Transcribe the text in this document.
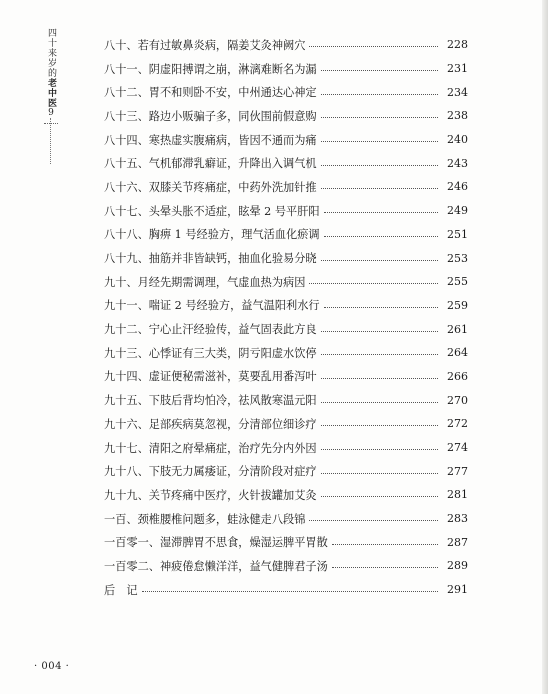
四十来岁的老中医9
八十、若有过敏鼻炎病，隔姜艾灸神阙穴	228
八十一、阴虚阳搏谓之崩，淋漓难断名为漏	231
八十二、胃不和则卧不安，中州通达心神定	234
八十三、路边小贩骗子多，同伙围前假意购	238
八十四、寒热虚实腹痛病，皆因不通而为痛	240
八十五、气机郁滞乳癖证，升降出入调气机	243
八十六、双膝关节疼痛症，中药外洗加针推	246
八十七、头晕头胀不适症，眩晕 2 号平肝阳	249
八十八、胸痹 1 号经验方，理气活血化瘀调	251
八十九、抽筋并非皆缺钙，抽血化验易分晓	253
九十、月经先期需调理，气虚血热为病因	255
九十一、喘证 2 号经验方，益气温阳利水行	259
九十二、宁心止汗经验传，益气固表此方良	261
九十三、心悸证有三大类，阴亏阳虚水饮停	264
九十四、虚证便秘需滋补，莫要乱用番泻叶	266
九十五、下肢后背均怕冷，祛风散寒温元阳	270
九十六、足部疾病莫忽视，分清部位细诊疗	272
九十七、清阳之府晕痛症，治疗先分内外因	274
九十八、下肢无力属痿证，分清阶段对症疗	277
九十九、关节疼痛中医疗，火针拔罐加艾灸	281
一百、颈椎腰椎问题多，蛙泳健走八段锦	283
一百零一、湿滞脾胃不思食，燥湿运脾平胃散	287
一百零二、神疲倦怠懒洋洋，益气健脾君子汤	289
后　记	291
· 004 ·
